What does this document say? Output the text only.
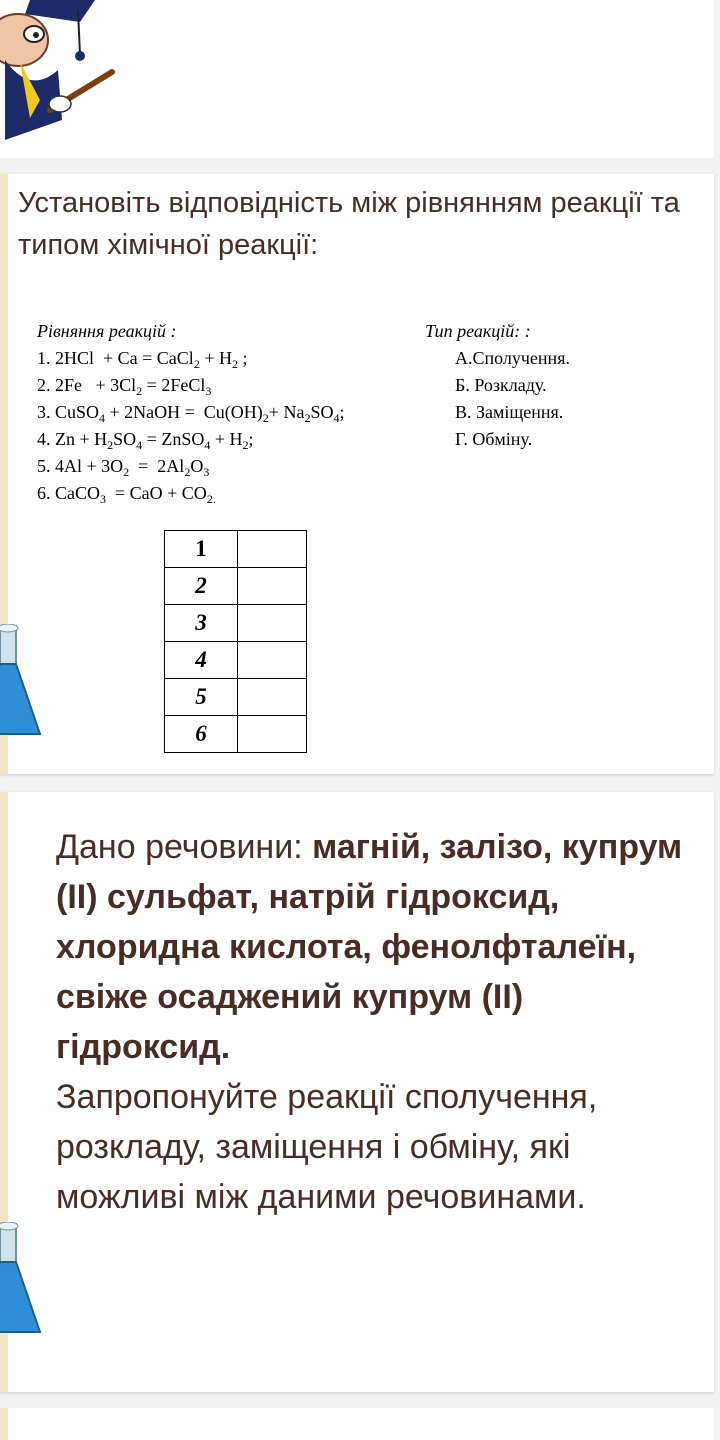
Установіть відповідність між рівнянням реакції та типом хімічної реакції:
Рівняння реакцій :
1. 2HCl  + Ca = CaCl$_2$ + $H_2$ ;
2. $2Fe + 3Cl_2$ = 2FeCl$_3$
3. CuSO$_4$ + 2NaOH =  $Cu(OH)_2+ Na_2SO_4$;
4. $Zn + H_2SO_4$ = ZnSO$_4$ + $H_2$;
5. $4Al + 3O_2 = 2Al_2O_3$
6. CaCO$_3$  = CaO + $CO_{2.}$
Тип реакцій: :
А.Сполучення.
Б. Розкладу.
В. Заміщення.
Г. Обміну.
1	
2	
3	
4	
5	
6	
Дано речовини: магній, залізо, купрум (ІІ) сульфат, натрій гідроксид, хлоридна кислота, фенолфталеїн, свіже осаджений купрум (ІІ) гідроксид.
Запропонуйте реакції сполучення, розкладу, заміщення і обміну, які можливі між даними речовинами.
